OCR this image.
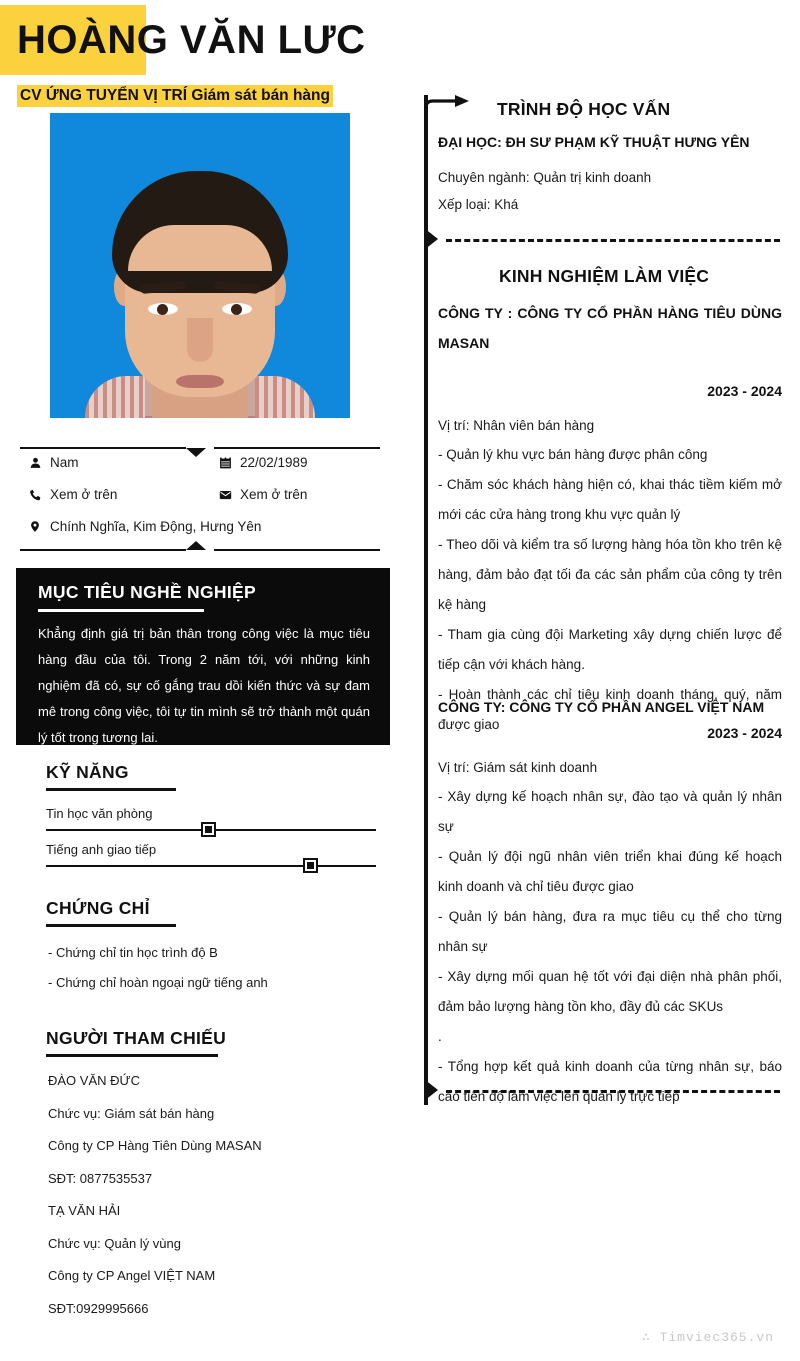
HOÀNG VĂN LƯC
CV ỨNG TUYỂN VỊ TRÍ Giám sát bán hàng
Nam	22/02/1989
Xem ở trên	Xem ở trên
Chính Nghĩa, Kim Động, Hưng Yên
MỤC TIÊU NGHỀ NGHIỆP
Khẳng định giá trị bản thân trong công việc là mục tiêu hàng đầu của tôi. Trong 2 năm tới, với những kinh nghiệm đã có, sự cố gắng trau dồi kiến thức và sự đam mê trong công việc, tôi tự tin mình sẽ trở thành một quán lý tốt trong tương lai.
KỸ NĂNG
Tin học văn phòng
Tiếng anh giao tiếp
CHỨNG CHỈ
- Chứng chỉ tin học trình độ B
- Chứng chỉ hoàn ngoại ngữ tiếng anh
NGƯỜI THAM CHIẾU
ĐÀO VĂN ĐỨC
Chức vụ: Giám sát bán hàng
Công ty CP Hàng Tiên Dùng MASAN
SĐT: 0877535537
TẠ VĂN HẢI
Chức vụ: Quản lý vùng
Công ty CP Angel VIỆT NAM
SĐT:0929995666
TRÌNH ĐỘ HỌC VẤN
ĐẠI HỌC: ĐH SƯ PHẠM KỸ THUẬT HƯNG YÊN
Chuyên ngành: Quản trị kinh doanh
Xếp loại: Khá
KINH NGHIỆM LÀM VIỆC
CÔNG TY : CÔNG TY CỔ PHẦN HÀNG TIÊU DÙNG MASAN
2023 - 2024
Vị trí: Nhân viên bán hàng

- Quản lý khu vực bán hàng được phân công

- Chăm sóc khách hàng hiện có, khai thác tiềm kiếm mở mới các cửa hàng trong khu vực quản lý

- Theo dõi và kiểm tra số lượng hàng hóa tồn kho trên kệ hàng, đảm bảo đạt tối đa các sản phẩm của công ty trên kệ hàng

- Tham gia cùng đội Marketing xây dựng chiến lược để tiếp cận với khách hàng.

- Hoàn thành các chỉ tiêu kinh doanh tháng, quý, năm được giao

CÔNG TY: CÔNG TY CỔ PHẦN ANGEL VIỆT NAM
2023 - 2024
Vị trí: Giám sát kinh doanh

- Xây dựng kế hoạch nhân sự, đào tạo và quản lý nhân sự

- Quản lý đội ngũ nhân viên triển khai đúng kế hoạch kinh doanh và chỉ tiêu được giao

- Quản lý bán hàng, đưa ra mục tiêu cụ thể cho từng nhân sự

- Xây dựng mối quan hệ tốt với đại diện nhà phân phối, đảm bảo lượng hàng tồn kho, đầy đủ các SKUs

.

- Tổng hợp kết quả kinh doanh của từng nhân sự, báo cáo tiến độ làm việc lên quản lý trực tiếp

∴ Timviec365.vn
